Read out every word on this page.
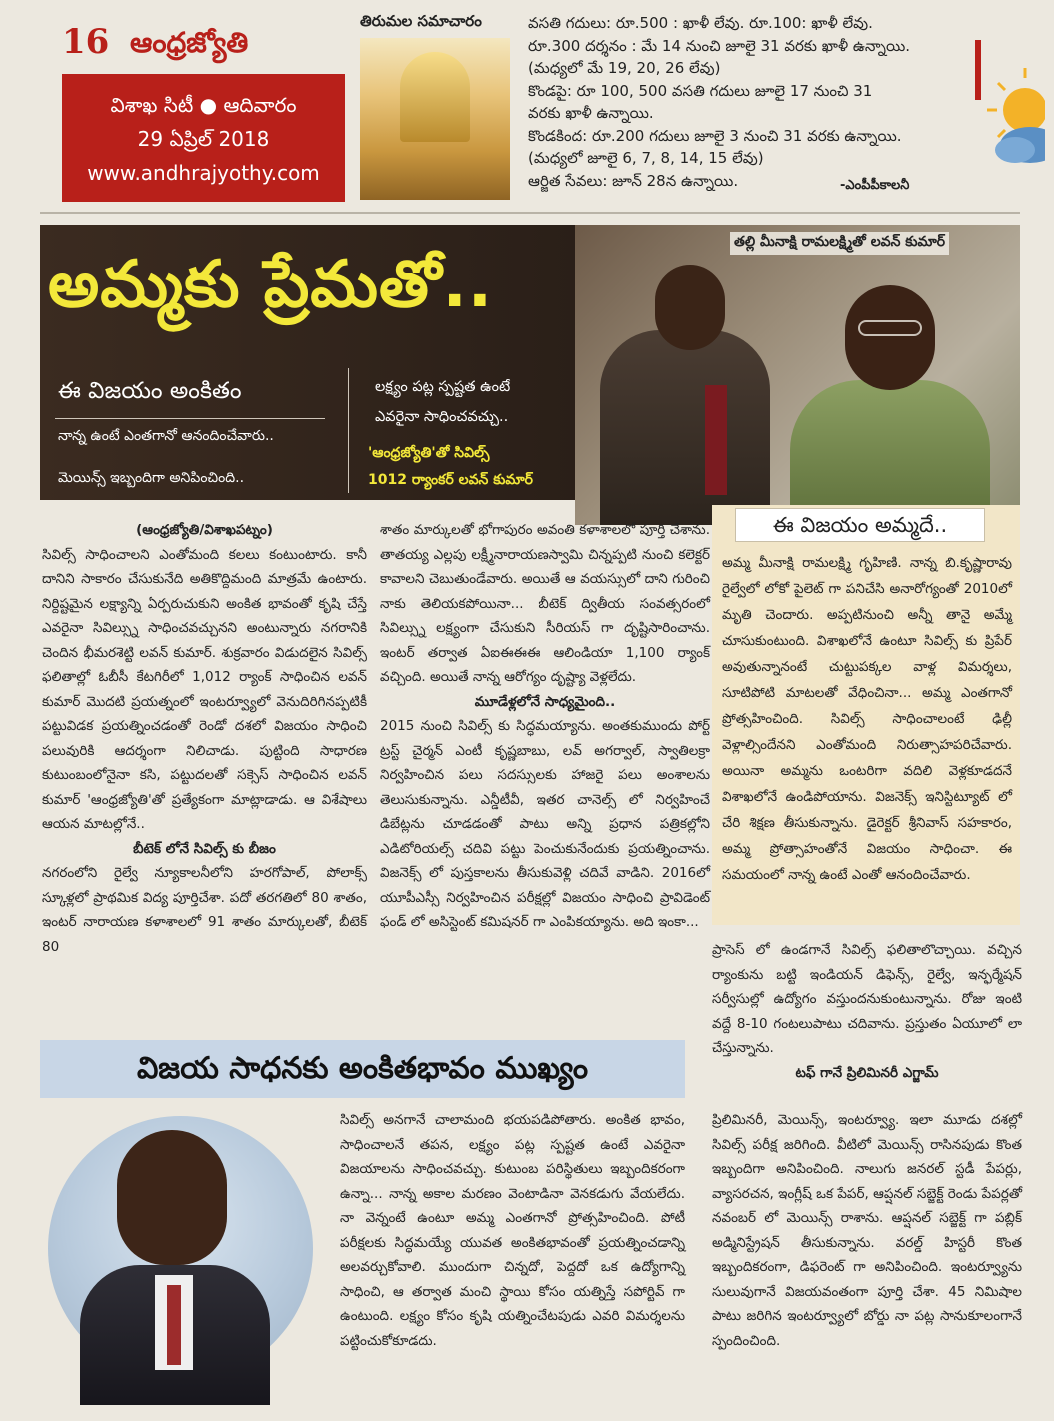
16 ఆంధ్రజ్యోతి
విశాఖ సిటీ ● ఆదివారం
29 ఏప్రిల్ 2018
www.andhrajyothy.com
తిరుమల సమాచారం	వసతి గదులు: రూ.500 : ఖాళీ లేవు. రూ.100: ఖాళీ లేవు.
రూ.300 దర్శనం : మే 14 నుంచి జూలై 31 వరకు ఖాళీ ఉన్నాయి.
(మధ్యలో మే 19, 20, 26 లేవు)
కొండపై: రూ 100, 500 వసతి గదులు జూలై 17 నుంచి 31
వరకు ఖాళీ ఉన్నాయి.
కొండకింద: రూ.200 గదులు జూలై 3 నుంచి 31 వరకు ఉన్నాయి.
(మధ్యలో జూలై 6, 7, 8, 14, 15 లేవు)
ఆర్జిత సేవలు: జూన్ 28న ఉన్నాయి.	-ఎంపీపీకాలనీ
తల్లి మీనాక్షి రామలక్ష్మితో లవన్ కుమార్
అమ్మకు ప్రేమతో..
ఈ విజయం అంకితం
నాన్న ఉంటే ఎంతగానో ఆనందించేవారు..
మెయిన్స్ ఇబ్బందిగా అనిపించింది..
లక్ష్యం పట్ల స్పష్టత ఉంటే
ఎవరైనా సాధించవచ్చు..
'ఆంధ్రజ్యోతి'తో సివిల్స్
1012 ర్యాంకర్ లవన్ కుమార్
(ఆంధ్రజ్యోతి/విశాఖపట్నం)
సివిల్స్ సాధించాలని ఎంతోమంది కలలు కంటుంటారు. కానీ దానిని సాకారం చేసుకునేది అతికొద్దిమంది మాత్రమే ఉంటారు. నిర్దిష్టమైన లక్ష్యాన్ని ఏర్పరుచుకుని అంకిత భావంతో కృషి చేస్తే ఎవరైనా సివిల్స్ను సాధించవచ్చునని అంటున్నారు నగరానికి చెందిన భీమరశెట్టి లవన్ కుమార్. శుక్రవారం విడుదలైన సివిల్స్ ఫలితాల్లో ఓబీసీ కేటగిరీలో 1,012 ర్యాంక్ సాధించిన లవన్ కుమార్ మొదటి ప్రయత్నంలో ఇంటర్వ్యూలో వెనుదిరిగినప్పటికీ పట్టువిడక ప్రయత్నించడంతో రెండో దశలో విజయం సాధించి పలువురికి ఆదర్శంగా నిలిచాడు. పుట్టింది సాధారణ కుటుంబంలోనైనా కసి, పట్టుదలతో సక్సెస్ సాధించిన లవన్ కుమార్ 'ఆంధ్రజ్యోతి'తో ప్రత్యేకంగా మాట్లాడాడు. ఆ విశేషాలు ఆయన మాటల్లోనే..
బీటెక్ లోనే సివిల్స్ కు బీజం
నగరంలోని రైల్వే న్యూకాలనీలోని హరగోపాల్, పోలాక్స్ స్కూళ్లలో ప్రాథమిక విద్య పూర్తిచేశా. పదో తరగతిలో 80 శాతం, ఇంటర్ నారాయణ కళాశాలలో 91 శాతం మార్కులతో, బీటెక్ 80
శాతం మార్కులతో భోగాపురం అవంతి కళాశాలలో పూర్తి చేశాను. తాతయ్య ఎల్లపు లక్ష్మీనారాయణస్వామి చిన్నప్పటి నుంచి కలెక్టర్ కావాలని చెబుతుండేవారు. అయితే ఆ వయస్సులో దాని గురించి నాకు తెలియకపోయినా... బీటెక్ ద్వితీయ సంవత్సరంలో సివిల్స్ను లక్ష్యంగా చేసుకుని సీరియస్ గా దృష్టిసారించాను. ఇంటర్ తర్వాత ఏఐఈఈఈ ఆలిండియా 1,100 ర్యాంక్ వచ్చింది. అయితే నాన్న ఆరోగ్యం దృష్ట్యా వెళ్లలేదు.
మూడేళ్లలోనే సాధ్యమైంది..
2015 నుంచి సివిల్స్ కు సిద్ధమయ్యాను. అంతకుముందు పోర్ట్ ట్రస్ట్ చైర్మన్ ఎంటీ కృష్ణబాబు, లవ్ అగర్వాల్, స్వాతిలక్రా నిర్వహించిన పలు సదస్సులకు హాజరై పలు అంశాలను తెలుసుకున్నాను. ఎన్డీటీవీ, ఇతర చానెల్స్ లో నిర్వహించే డిబేట్లను చూడడంతో పాటు అన్ని ప్రధాన పత్రికల్లోని ఎడిటోరియల్స్ చదివి పట్టు పెంచుకునేందుకు ప్రయత్నించాను. విజనెక్స్ లో పుస్తకాలను తీసుకువెళ్లి చదివే వాడిని. 2016లో యూపీఎస్సీ నిర్వహించిన పరీక్షల్లో విజయం సాధించి ప్రావిడెంట్ ఫండ్ లో అసిస్టెంట్ కమిషనర్ గా ఎంపికయ్యాను. అది ఇంకా...
ఈ విజయం అమ్మదే..
అమ్మ మీనాక్షి రామలక్ష్మి గృహిణి. నాన్న బి.కృష్ణారావు రైల్వేలో లోకో పైలెట్ గా పనిచేసి అనారోగ్యంతో 2010లో మృతి చెందారు. అప్పటినుంచి అన్నీ తానై అమ్మే చూసుకుంటుంది. విశాఖలోనే ఉంటూ సివిల్స్ కు ప్రిపేర్ అవుతున్నానంటే చుట్టుపక్కల వాళ్ల విమర్శలు, సూటిపోటి మాటలతో వేధించినా... అమ్మ ఎంతగానో ప్రోత్సహించింది. సివిల్స్ సాధించాలంటే ఢిల్లీ వెళ్లాల్సిందేనని ఎంతోమంది నిరుత్సాహపరిచేవారు. అయినా అమ్మను ఒంటరిగా వదిలి వెళ్లకూడదనే విశాఖలోనే ఉండిపోయాను. విజనెక్స్ ఇనిస్టిట్యూట్ లో చేరి శిక్షణ తీసుకున్నాను. డైరెక్టర్ శ్రీనివాస్ సహకారం, అమ్మ ప్రోత్సాహంతోనే విజయం సాధించా. ఈ సమయంలో నాన్న ఉంటే ఎంతో ఆనందించేవారు.
ప్రాసెస్ లో ఉండగానే సివిల్స్ ఫలితాలొచ్చాయి. వచ్చిన ర్యాంకును బట్టి ఇండియన్ డిఫెన్స్, రైల్వే, ఇన్ఫర్మేషన్ సర్వీసుల్లో ఉద్యోగం వస్తుందనుకుంటున్నాను. రోజు ఇంటి వద్దే 8-10 గంటలుపాటు చదివాను. ప్రస్తుతం ఏయూలో లా చేస్తున్నాను.
టఫ్ గానే ప్రిలిమినరీ ఎగ్జామ్
విజయ సాధనకు అంకితభావం ముఖ్యం
సివిల్స్ అనగానే చాలామంది భయపడిపోతారు. అంకిత భావం, సాధించాలనే తపన, లక్ష్యం పట్ల స్పష్టత ఉంటే ఎవరైనా విజయాలను సాధించవచ్చు. కుటుంబ పరిస్థితులు ఇబ్బందికరంగా ఉన్నా... నాన్న అకాల మరణం వెంటాడినా వెనకడుగు వేయలేదు. నా వెన్నంటే ఉంటూ అమ్మ ఎంతగానో ప్రోత్సహించింది. పోటీ పరీక్షలకు సిద్ధమయ్యే యువత అంకితభావంతో ప్రయత్నించడాన్ని అలవర్చుకోవాలి. ముందుగా చిన్నదో, పెద్దదో ఒక ఉద్యోగాన్ని సాధించి, ఆ తర్వాత మంచి స్థాయి కోసం యత్నిస్తే సపోర్టివ్ గా ఉంటుంది. లక్ష్యం కోసం కృషి యత్నించేటపుడు ఎవరి విమర్శలను పట్టించుకోకూడదు.
ప్రిలిమినరీ, మెయిన్స్, ఇంటర్వ్యూ. ఇలా మూడు దశల్లో సివిల్స్ పరీక్ష జరిగింది. వీటిలో మెయిన్స్ రాసినపుడు కొంత ఇబ్బందిగా అనిపించింది. నాలుగు జనరల్ స్టడీ పేపర్లు, వ్యాసరచన, ఇంగ్లీష్ ఒక పేపర్, ఆప్షనల్ సబ్జెక్ట్ రెండు పేపర్లతో నవంబర్ లో మెయిన్స్ రాశాను. ఆప్షనల్ సబ్జెక్ట్ గా పబ్లిక్ అడ్మినిస్ట్రేషన్ తీసుకున్నాను. వరల్డ్ హిస్టరీ కొంత ఇబ్బందికరంగా, డిఫరెంట్ గా అనిపించింది. ఇంటర్వ్యూను సులువుగానే విజయవంతంగా పూర్తి చేశా. 45 నిమిషాల పాటు జరిగిన ఇంటర్వ్యూలో బోర్డు నా పట్ల సానుకూలంగానే స్పందించింది.
